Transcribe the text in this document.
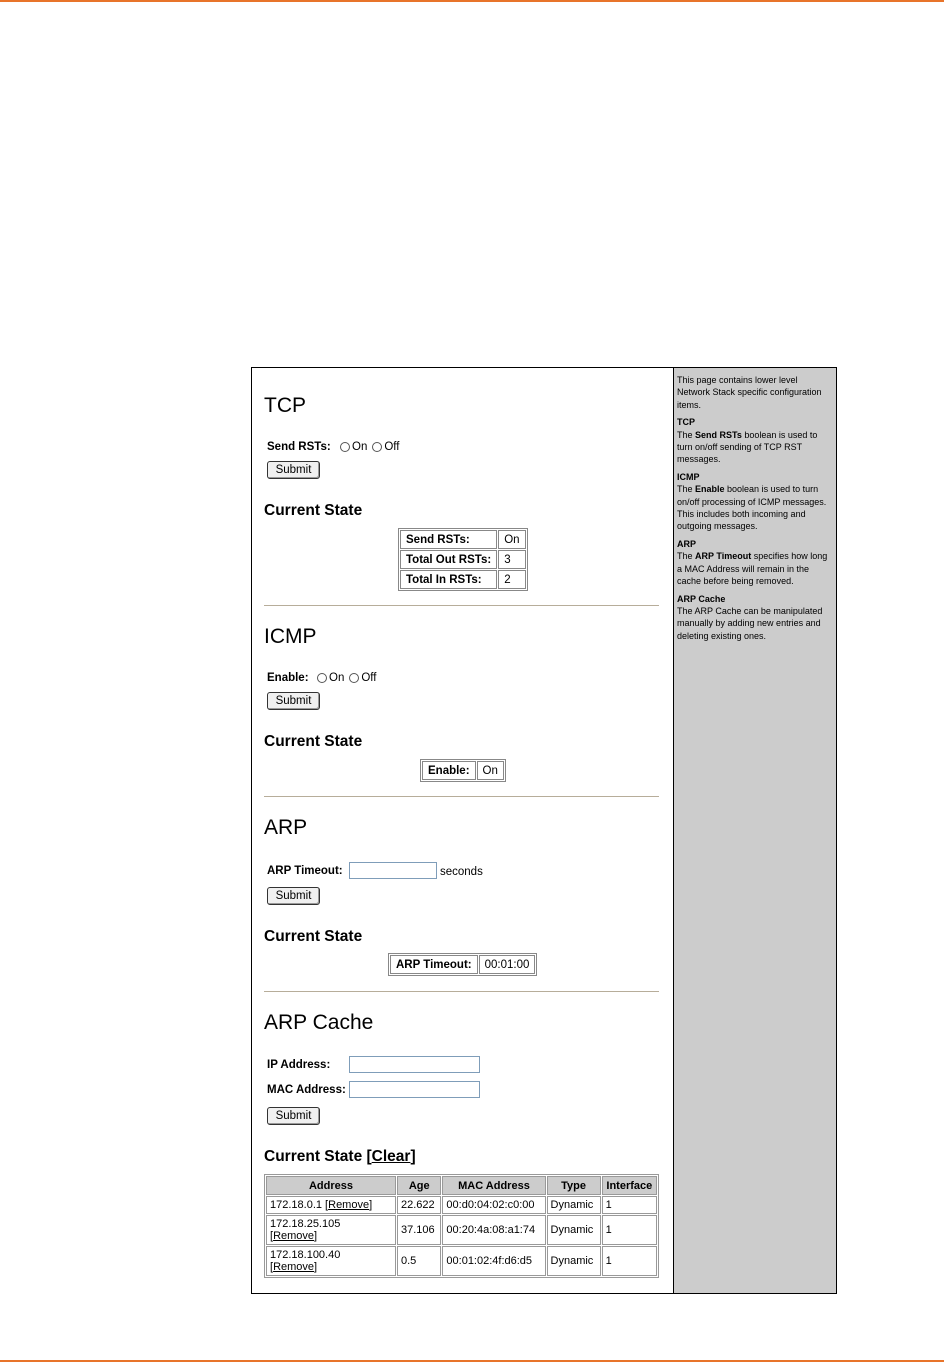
TCP
Send RSTs: On Off
Submit
Current State
Send RSTs:	On
Total Out RSTs:	3
Total In RSTs:	2
ICMP
Enable: On Off
Submit
Current State
Enable:	On
ARP
ARP Timeout:	seconds
Submit
Current State
ARP Timeout:	00:01:00
ARP Cache
IP Address:
MAC Address:
Submit
Current State [Clear]
Address	Age	MAC Address	Type	Interface
172.18.0.1 [Remove]	22.622	00:d0:04:02:c0:00	Dynamic	1
172.18.25.105
[Remove]	37.106	00:20:4a:08:a1:74	Dynamic	1
172.18.100.40
[Remove]	0.5	00:01:02:4f:d6:d5	Dynamic	1

This page contains lower level Network Stack specific configuration items.

TCP
The Send RSTs boolean is used to turn on/off sending of TCP RST messages.

ICMP
The Enable boolean is used to turn on/off processing of ICMP messages. This includes both incoming and outgoing messages.

ARP
The ARP Timeout specifies how long a MAC Address will remain in the cache before being removed.

ARP Cache
The ARP Cache can be manipulated manually by adding new entries and deleting existing ones.
